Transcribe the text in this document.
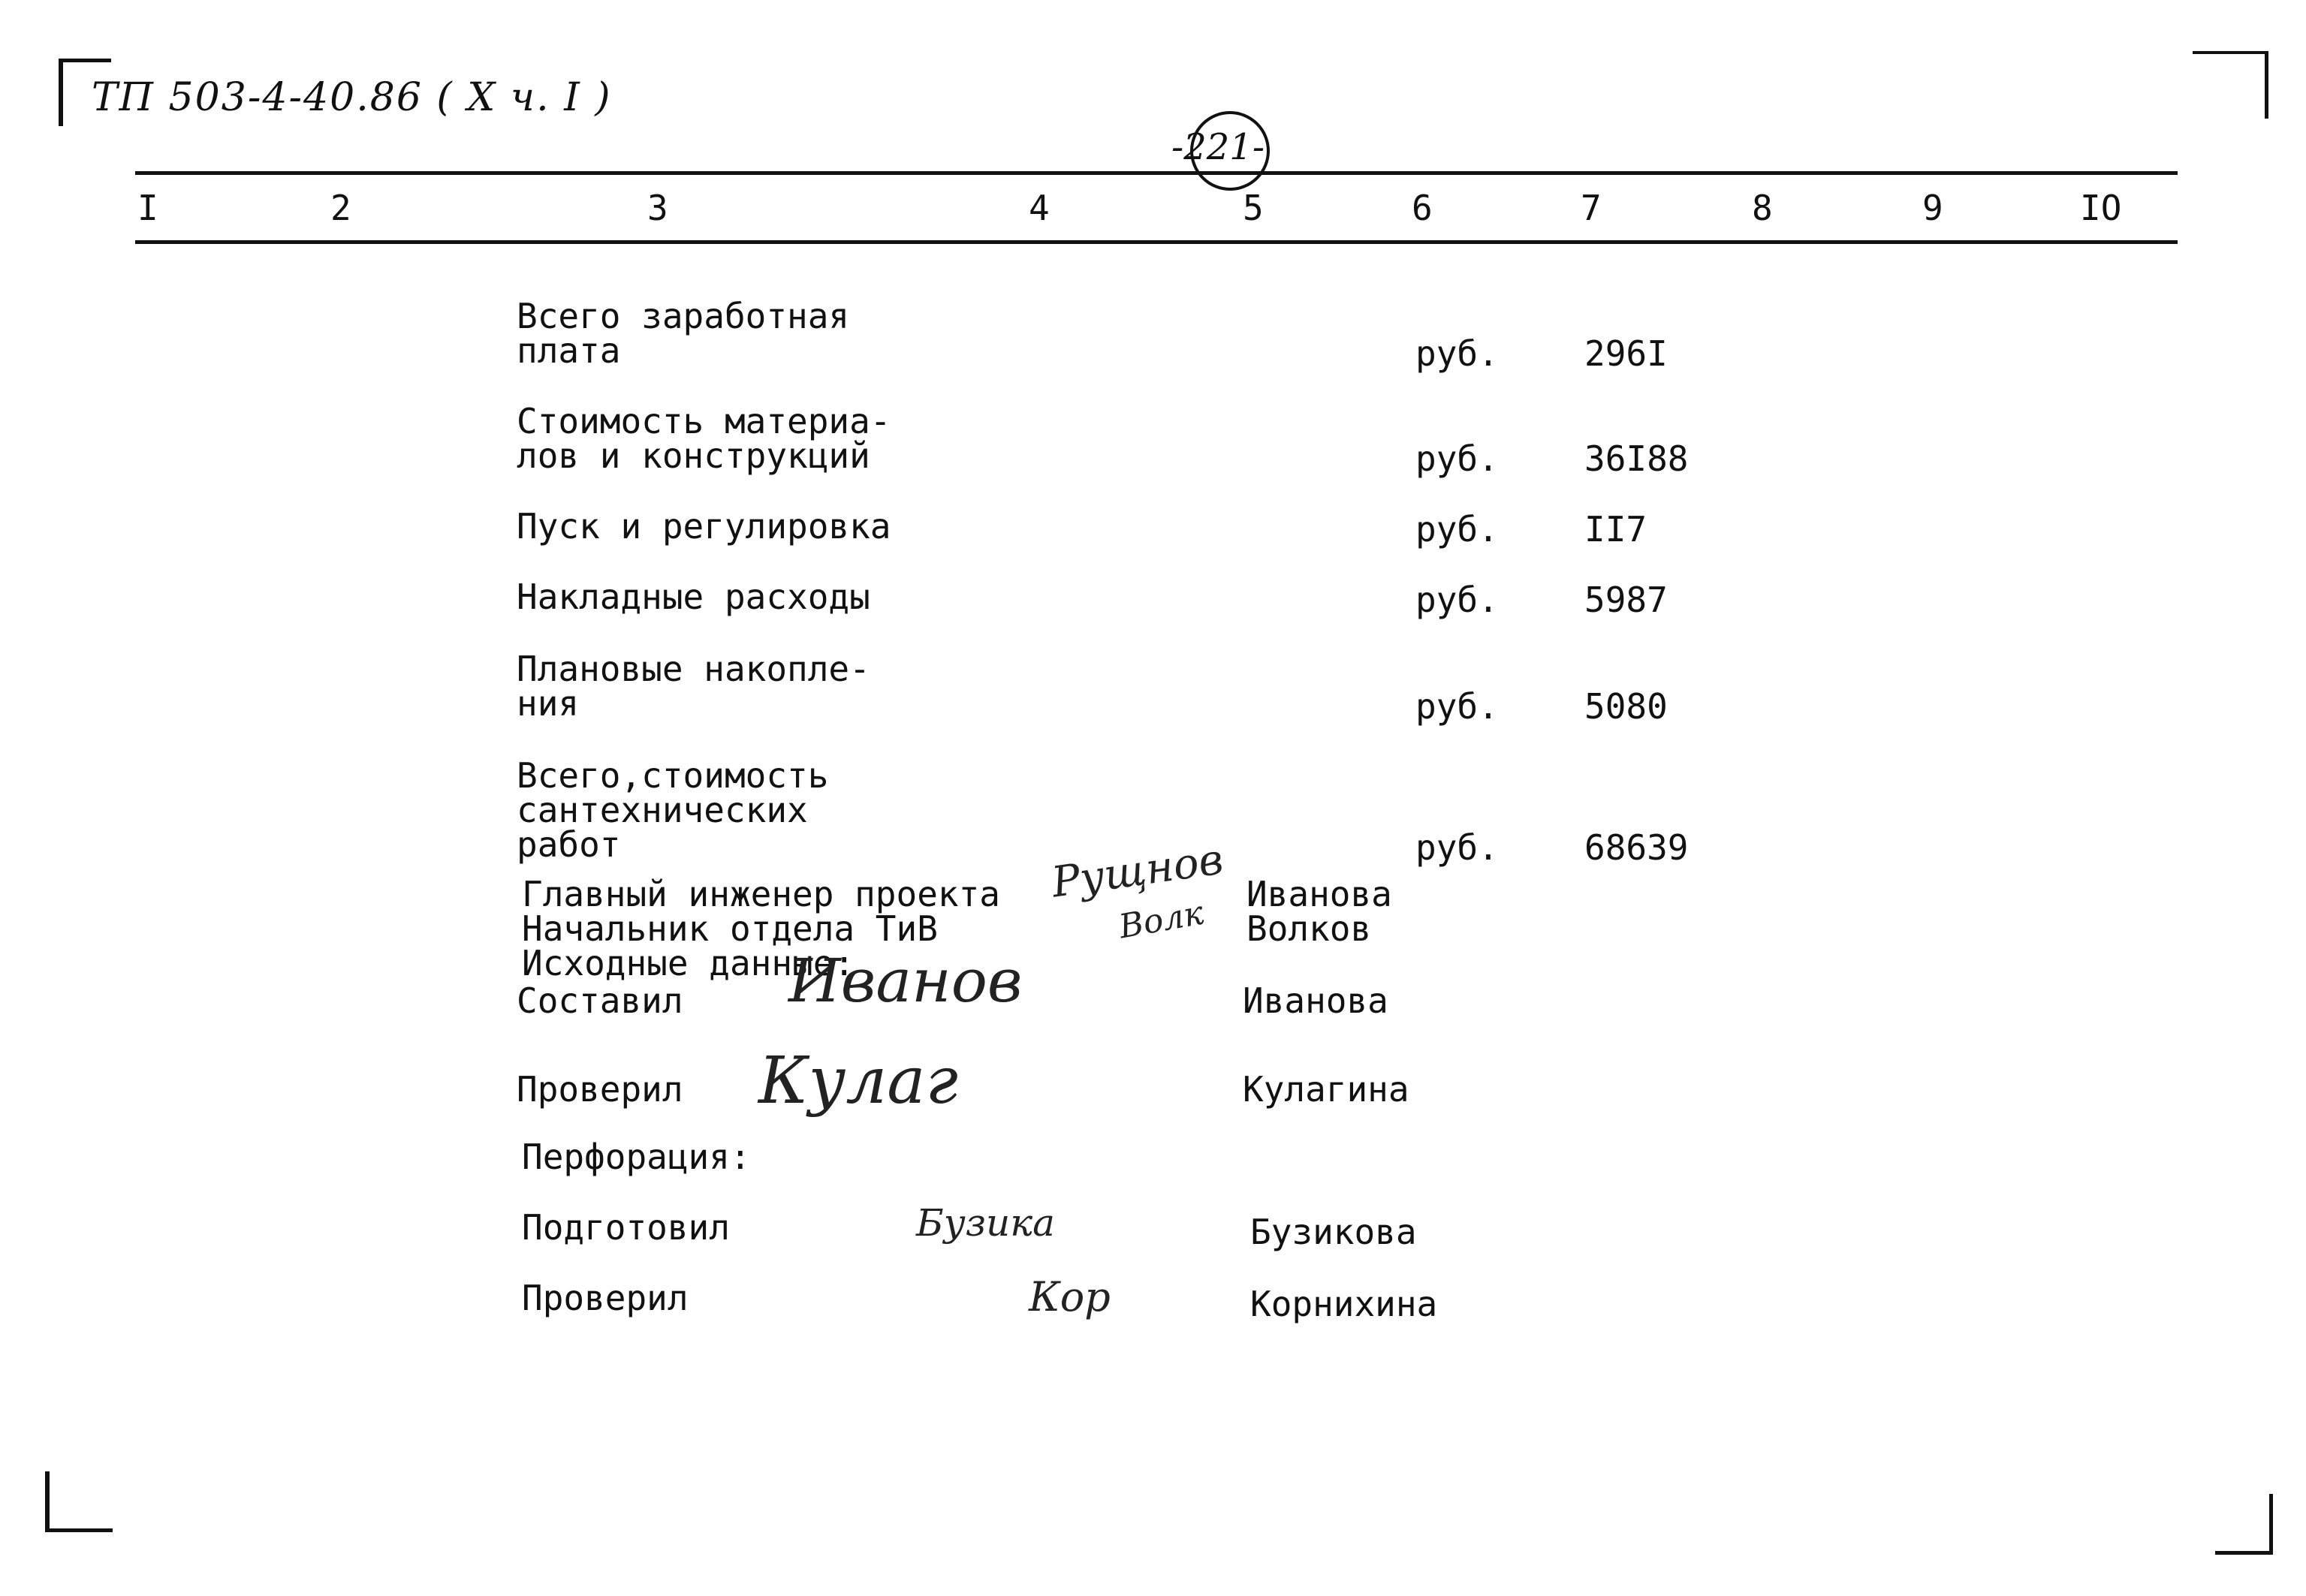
ТП 503-4-40.86 ( X ч. I )
-221-
I	2	3	4	5	6	7	8	9	IO
Всего заработная
плата	руб. 296I
Стоимость материа-
лов и конструкций	руб. 36I88
Пуск и регулировка	руб. II7
Накладные расходы	руб. 5987
Плановые накопле-
ния	руб. 5080
Всего,стоимость
сантехнических
работ	руб. 68639
Главный инженер проекта Рущнов Иванова
Начальник отдела ТиВ	Волк Волков
Исходные данные:
Составил Иванов	Иванова
Проверил Кулаг	Кулагина
Перфорация:
Подготовил	Бузика	Бузикова
Проверил	Кор	Корнихина
